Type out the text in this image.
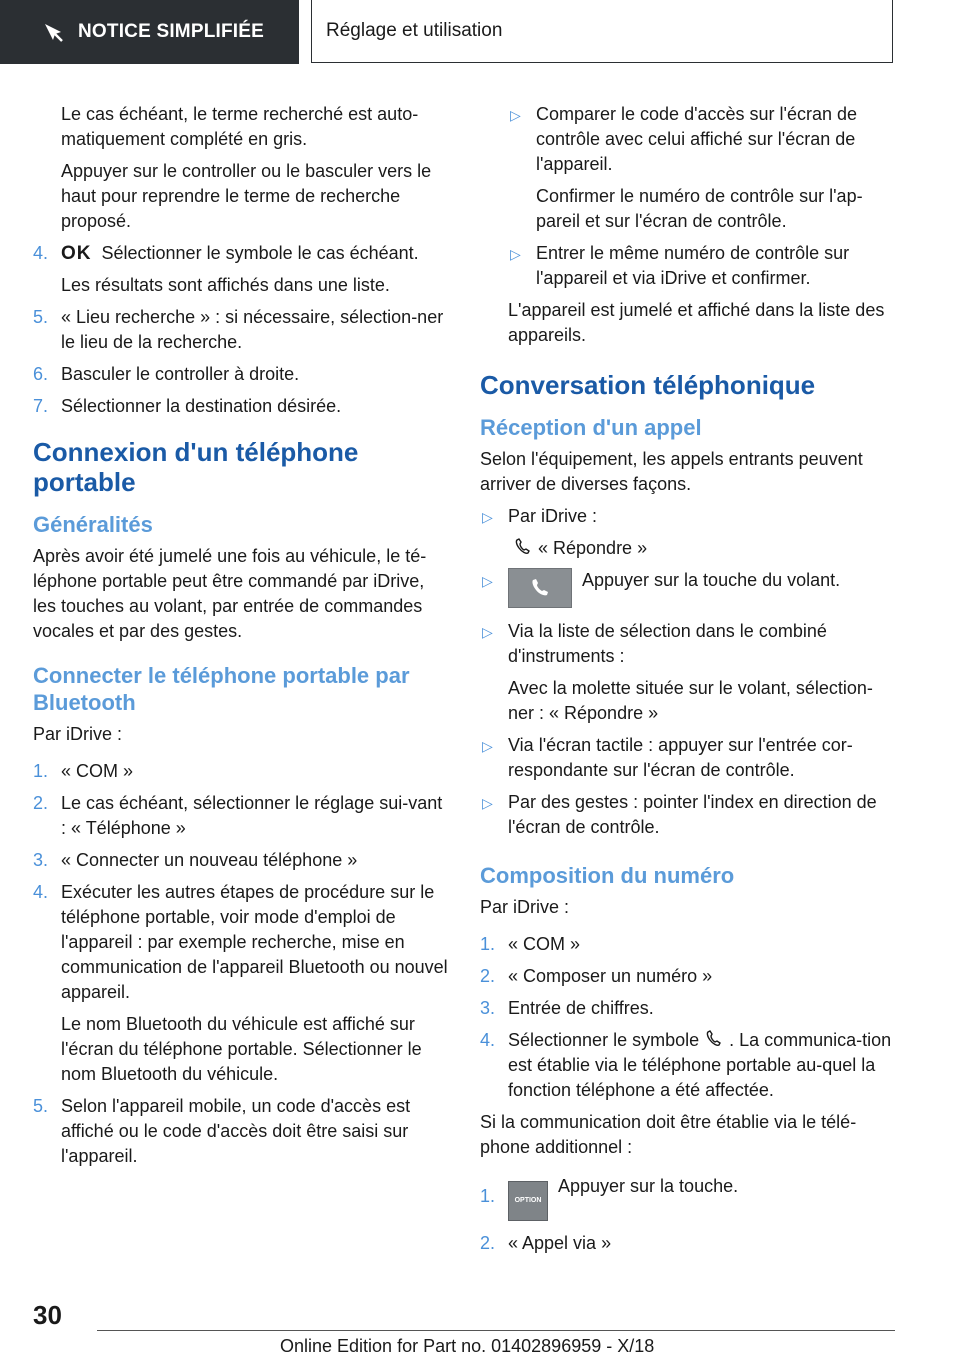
NOTICE SIMPLIFIÉE	Réglage et utilisation

Le cas échéant, le terme recherché est auto-matiquement complété en gris.

Appuyer sur le controller ou le basculer vers le haut pour reprendre le terme de recherche proposé.

4. OK Sélectionner le symbole le cas échéant.

Les résultats sont affichés dans une liste.

5. « Lieu recherche » : si nécessaire, sélection-ner le lieu de la recherche.
6. Basculer le controller à droite.
7. Sélectionner la destination désirée.
Connexion d'un téléphone portable
Généralités

Après avoir été jumelé une fois au véhicule, le té-léphone portable peut être commandé par iDrive, les touches au volant, par entrée de commandes vocales et par des gestes.

Connecter le téléphone portable par Bluetooth

Par iDrive :

1. « COM »
2. Le cas échéant, sélectionner le réglage sui-vant : « Téléphone »
3. « Connecter un nouveau téléphone »
4. Exécuter les autres étapes de procédure sur le téléphone portable, voir mode d'emploi de l'appareil : par exemple recherche, mise en communication de l'appareil Bluetooth ou nouvel appareil.

Le nom Bluetooth du véhicule est affiché sur l'écran du téléphone portable. Sélectionner le nom Bluetooth du véhicule.

5. Selon l'appareil mobile, un code d'accès est affiché ou le code d'accès doit être saisi sur l'appareil.
▷ Comparer le code d'accès sur l'écran de contrôle avec celui affiché sur l'écran de l'appareil.

Confirmer le numéro de contrôle sur l'ap-pareil et sur l'écran de contrôle.

▷ Entrer le même numéro de contrôle sur l'appareil et via iDrive et confirmer.

L'appareil est jumelé et affiché dans la liste des appareils.

Conversation téléphonique
Réception d'un appel

Selon l'équipement, les appels entrants peuvent arriver de diverses façons.

▷ Par iDrive :

« Répondre »

▷	Appuyer sur la touche du volant.
▷ Via la liste de sélection dans le combiné d'instruments :

Avec la molette située sur le volant, sélection-ner : « Répondre »

▷ Via l'écran tactile : appuyer sur l'entrée cor-respondante sur l'écran de contrôle.
▷ Par des gestes : pointer l'index en direction de l'écran de contrôle.
Composition du numéro

Par iDrive :

1. « COM »
2. « Composer un numéro »
3. Entrée de chiffres.
4. Sélectionner le symbole . La communica-tion est établie via le téléphone portable au-quel la fonction téléphone a été affectée.

Si la communication doit être établie via le télé-phone additionnel :

1.	OPTIONAppuyer sur la touche.
2. « Appel via »
30
Online Edition for Part no. 01402896959 - X/18
